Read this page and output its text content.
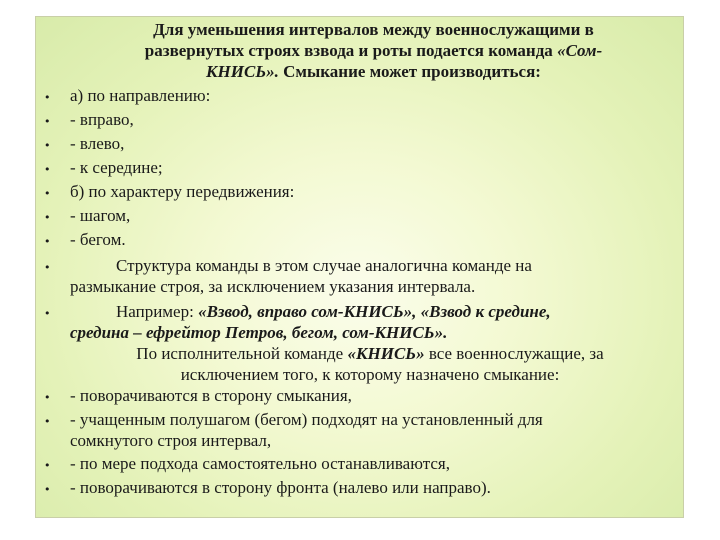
Для уменьшения интервалов между военнослужащими в
развернутых строях взвода и роты подается команда «Сом-
КНИСЬ». Смыкание может производиться:
• а) по направлению:
• - вправо,
• - влево,
• - к середине;
• б) по характеру передвижения:
• - шагом,
• - бегом.
•	Структура команды в этом случае аналогична команде на
размыкание строя, за исключением указания интервала.
•	Например: «Взвод, вправо сом-КНИСЬ», «Взвод к средине,
средина – ефрейтор Петров, бегом, сом-КНИСЬ».
По исполнительной команде «КНИСЬ» все военнослужащие, за
исключением того, к которому назначено смыкание:
• - поворачиваются в сторону смыкания,
• - учащенным полушагом (бегом) подходят на установленный для
сомкнутого строя интервал,
• - по мере подхода самостоятельно останавливаются,
• - поворачиваются в сторону фронта (налево или направо).
